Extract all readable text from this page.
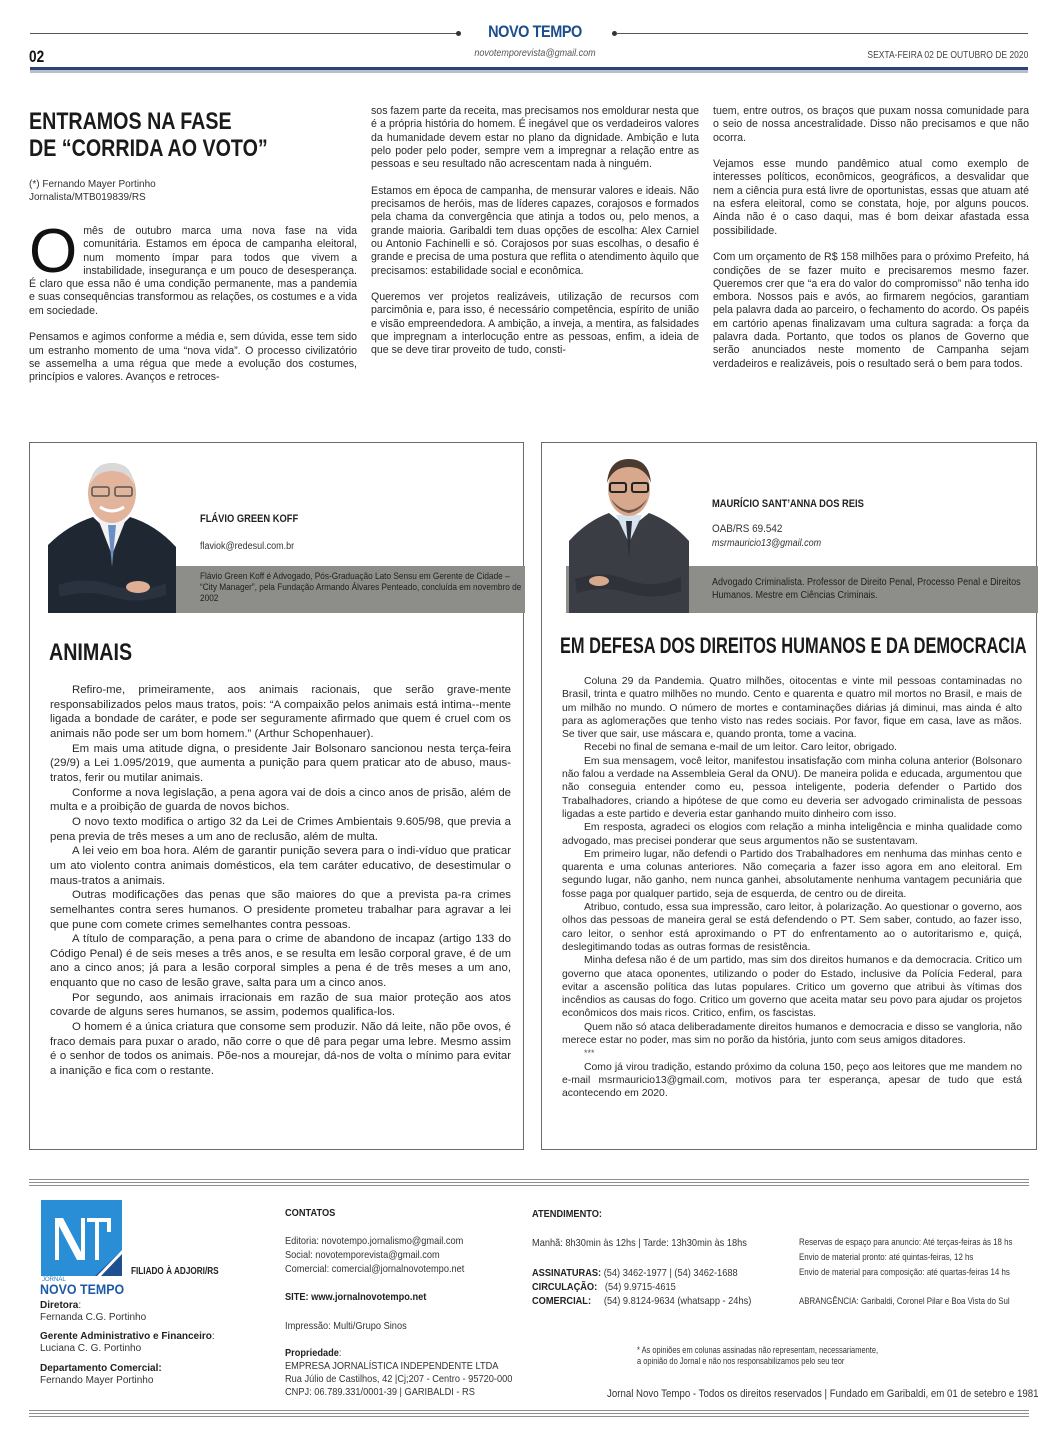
NOVO TEMPO
novotemporevista@gmail.com
02	SEXTA-FEIRA 02 DE OUTUBRO DE 2020
ENTRAMOS NA FASE
DE “CORRIDA AO VOTO”
(*) Fernando Mayer Portinho
Jornalista/MTB019839/RS

Omês de outubro marca uma nova fase na vida comunitária. Estamos em época de campanha eleitoral, num momento ímpar para todos que vivem a instabilidade, insegurança e um pouco de desesperança. É claro que essa não é uma condição permanente, mas a pandemia e suas consequências transformou as relações, os costumes e a vida em sociedade.

Pensamos e agimos conforme a média e, sem dúvida, esse tem sido um estranho momento de uma “nova vida”. O processo civilizatório se assemelha a uma régua que mede a evolução dos costumes, princípios e valores. Avanços e retroces-

sos fazem parte da receita, mas precisamos nos emoldurar nesta que é a própria história do homem. É inegável que os verdadeiros valores da humanidade devem estar no plano da dignidade. Ambição e luta pelo poder pelo poder, sempre vem a impregnar a relação entre as pessoas e seu resultado não acrescentam nada à ninguém.

Estamos em época de campanha, de mensurar valores e ideais. Não precisamos de heróis, mas de líderes capazes, corajosos e formados pela chama da convergência que atinja a todos ou, pelo menos, a grande maioria. Garibaldi tem duas opções de escolha: Alex Carniel ou Antonio Fachinelli e só. Corajosos por suas escolhas, o desafio é grande e precisa de uma postura que reflita o atendimento àquilo que precisamos: estabilidade social e econômica.

Queremos ver projetos realizáveis, utilização de recursos com parcimônia e, para isso, é necessário competência, espírito de união e visão empreendedora. A ambição, a inveja, a mentira, as falsidades que impregnam a interlocução entre as pessoas, enfim, a ideia de que se deve tirar proveito de tudo, consti-

tuem, entre outros, os braços que puxam nossa comunidade para o seio de nossa ancestralidade. Disso não precisamos e que não ocorra.

Vejamos esse mundo pandêmico atual como exemplo de interesses políticos, econômicos, geográficos, a desvalidar que nem a ciência pura está livre de oportunistas, essas que atuam até na esfera eleitoral, como se constata, hoje, por alguns poucos. Ainda não é o caso daqui, mas é bom deixar afastada essa possibilidade.

Com um orçamento de R$ 158 milhões para o próximo Prefeito, há condições de se fazer muito e precisaremos mesmo fazer. Queremos crer que “a era do valor do compromisso” não tenha ido embora. Nossos pais e avós, ao firmarem negócios, garantiam pela palavra dada ao parceiro, o fechamento do acordo. Os papéis em cartório apenas finalizavam uma cultura sagrada: a força da palavra dada. Portanto, que todos os planos de Governo que serão anunciados neste momento de Campanha sejam verdadeiros e realizáveis, pois o resultado será o bem para todos.

FLÁVIO GREEN KOFF
flaviok@redesul.com.br
Flávio Green Koff é Advogado, Pós-Graduação Lato Sensu em Gerente de Cidade – “City Manager”, pela Fundação Armando Álvares Penteado, concluída em novembro de 2002
ANIMAIS

Refiro-me, primeiramente, aos animais racionais, que serão grave-mente responsabilizados pelos maus tratos, pois: “A compaixão pelos animais está intima--mente ligada a bondade de caráter, e pode ser seguramente afirmado que quem é cruel com os animais não pode ser um bom homem.” (Arthur Schopenhauer).

Em mais uma atitude digna, o presidente Jair Bolsonaro sancionou nesta terça-feira (29/9) a Lei 1.095/2019, que aumenta a punição para quem praticar ato de abuso, maus-tratos, ferir ou mutilar animais.

Conforme a nova legislação, a pena agora vai de dois a cinco anos de prisão, além de multa e a proibição de guarda de novos bichos.

O novo texto modifica o artigo 32 da Lei de Crimes Ambientais 9.605/98, que previa a pena previa de três meses a um ano de reclusão, além de multa.

A lei veio em boa hora. Além de garantir punição severa para o indi-víduo que praticar um ato violento contra animais domésticos, ela tem caráter educativo, de desestimular o maus-tratos a animais.

Outras modificações das penas que são maiores do que a prevista pa-ra crimes semelhantes contra seres humanos. O presidente prometeu trabalhar para agravar a lei que pune com comete crimes semelhantes contra pessoas.

A título de comparação, a pena para o crime de abandono de incapaz (artigo 133 do Código Penal) é de seis meses a três anos, e se resulta em lesão corporal grave, é de um ano a cinco anos; já para a lesão corporal simples a pena é de três meses a um ano, enquanto que no caso de lesão grave, salta para um a cinco anos.

Por segundo, aos animais irracionais em razão de sua maior proteção aos atos covarde de alguns seres humanos, se assim, podemos qualifica-los.

O homem é a única criatura que consome sem produzir. Não dá leite, não põe ovos, é fraco demais para puxar o arado, não corre o que dê para pegar uma lebre. Mesmo assim é o senhor de todos os animais. Põe-nos a mourejar, dá-nos de volta o mínimo para evitar a inanição e fica com o restante.

MAURÍCIO SANT’ANNA DOS REIS
OAB/RS 69.542
msrmauricio13@gmail.com
Advogado Criminalista. Professor de Direito Penal, Processo Penal e Direitos Humanos. Mestre em Ciências Criminais.
EM DEFESA DOS DIREITOS HUMANOS E DA DEMOCRACIA

Coluna 29 da Pandemia. Quatro milhões, oitocentas e vinte mil pessoas contaminadas no Brasil, trinta e quatro milhões no mundo. Cento e quarenta e quatro mil mortos no Brasil, e mais de um milhão no mundo. O número de mortes e contaminações diárias já diminui, mas ainda é alto para as aglomerações que tenho visto nas redes sociais. Por favor, fique em casa, lave as mãos. Se tiver que sair, use máscara e, quando pronta, tome a vacina.

Recebi no final de semana e-mail de um leitor. Caro leitor, obrigado.

Em sua mensagem, você leitor, manifestou insatisfação com minha coluna anterior (Bolsonaro não falou a verdade na Assembleia Geral da ONU). De maneira polida e educada, argumentou que não conseguia entender como eu, pessoa inteligente, poderia defender o Partido dos Trabalhadores, criando a hipótese de que como eu deveria ser advogado criminalista de pessoas ligadas a este partido e deveria estar ganhando muito dinheiro com isso.

Em resposta, agradeci os elogios com relação a minha inteligência e minha qualidade como advogado, mas precisei ponderar que seus argumentos não se sustentavam.

Em primeiro lugar, não defendi o Partido dos Trabalhadores em nenhuma das minhas cento e quarenta e uma colunas anteriores. Não começaria a fazer isso agora em ano eleitoral. Em segundo lugar, não ganho, nem nunca ganhei, absolutamente nenhuma vantagem pecuniária que fosse paga por qualquer partido, seja de esquerda, de centro ou de direita.

Atribuo, contudo, essa sua impressão, caro leitor, à polarização. Ao questionar o governo, aos olhos das pessoas de maneira geral se está defendendo o PT. Sem saber, contudo, ao fazer isso, caro leitor, o senhor está aproximando o PT do enfrentamento ao o autoritarismo e, quiçá, deslegitimando todas as outras formas de resistência.

Minha defesa não é de um partido, mas sim dos direitos humanos e da democracia. Critico um governo que ataca oponentes, utilizando o poder do Estado, inclusive da Polícia Federal, para evitar a ascensão política das lutas populares. Critico um governo que atribui às vítimas dos incêndios as causas do fogo. Critico um governo que aceita matar seu povo para ajudar os projetos econômicos dos mais ricos. Critico, enfim, os fascistas.

Quem não só ataca deliberadamente direitos humanos e democracia e disso se vangloria, não merece estar no poder, mas sim no porão da história, junto com seus amigos ditadores.

***

Como já virou tradição, estando próximo da coluna 150, peço aos leitores que me mandem no e-mail msrmauricio13@gmail.com, motivos para ter esperança, apesar de tudo que está acontecendo em 2020.

JORNAL
NOVO TEMPO
FILIADO À ADJORI/RS
Diretora:
Fernanda C.G. Portinho
Gerente Administrativo e Financeiro:
Luciana C. G. Portinho
Departamento Comercial:
Fernando Mayer Portinho
CONTATOS
Editoria: novotempo.jornalismo@gmail.com
Social: novotemporevista@gmail.com
Comercial: comercial@jornalnovotempo.net
SITE: www.jornalnovotempo.net
Impressão: Multi/Grupo Sinos
Propriedade:
EMPRESA JORNALÍSTICA INDEPENDENTE LTDA
Rua Júlio de Castilhos, 42 |Cj;207 - Centro - 95720-000
CNPJ: 06.789.331/0001-39 | GARIBALDI - RS
ATENDIMENTO:
Manhã: 8h30min às 12hs | Tarde: 13h30min às 18hs
ASSINATURAS: (54) 3462-1977 | (54) 3462-1688
CIRCULAÇÃO: (54) 9.9715-4615
COMERCIAL: (54) 9.8124-9634 (whatsapp - 24hs)
Reservas de espaço para anuncio: Até terças-feiras às 18 hs
Envio de material pronto: até quintas-feiras, 12 hs
Envio de material para composição: até quartas-feiras 14 hs
ABRANGÊNCIA: Garibaldi, Coronel Pilar e Boa Vista do Sul
* As opiniões em colunas assinadas não representam, necessariamente,
a opinião do Jornal e não nos responsabilizamos pelo seu teor
Jornal Novo Tempo - Todos os direitos reservados | Fundado em Garibaldi, em 01 de setebro e 1981
